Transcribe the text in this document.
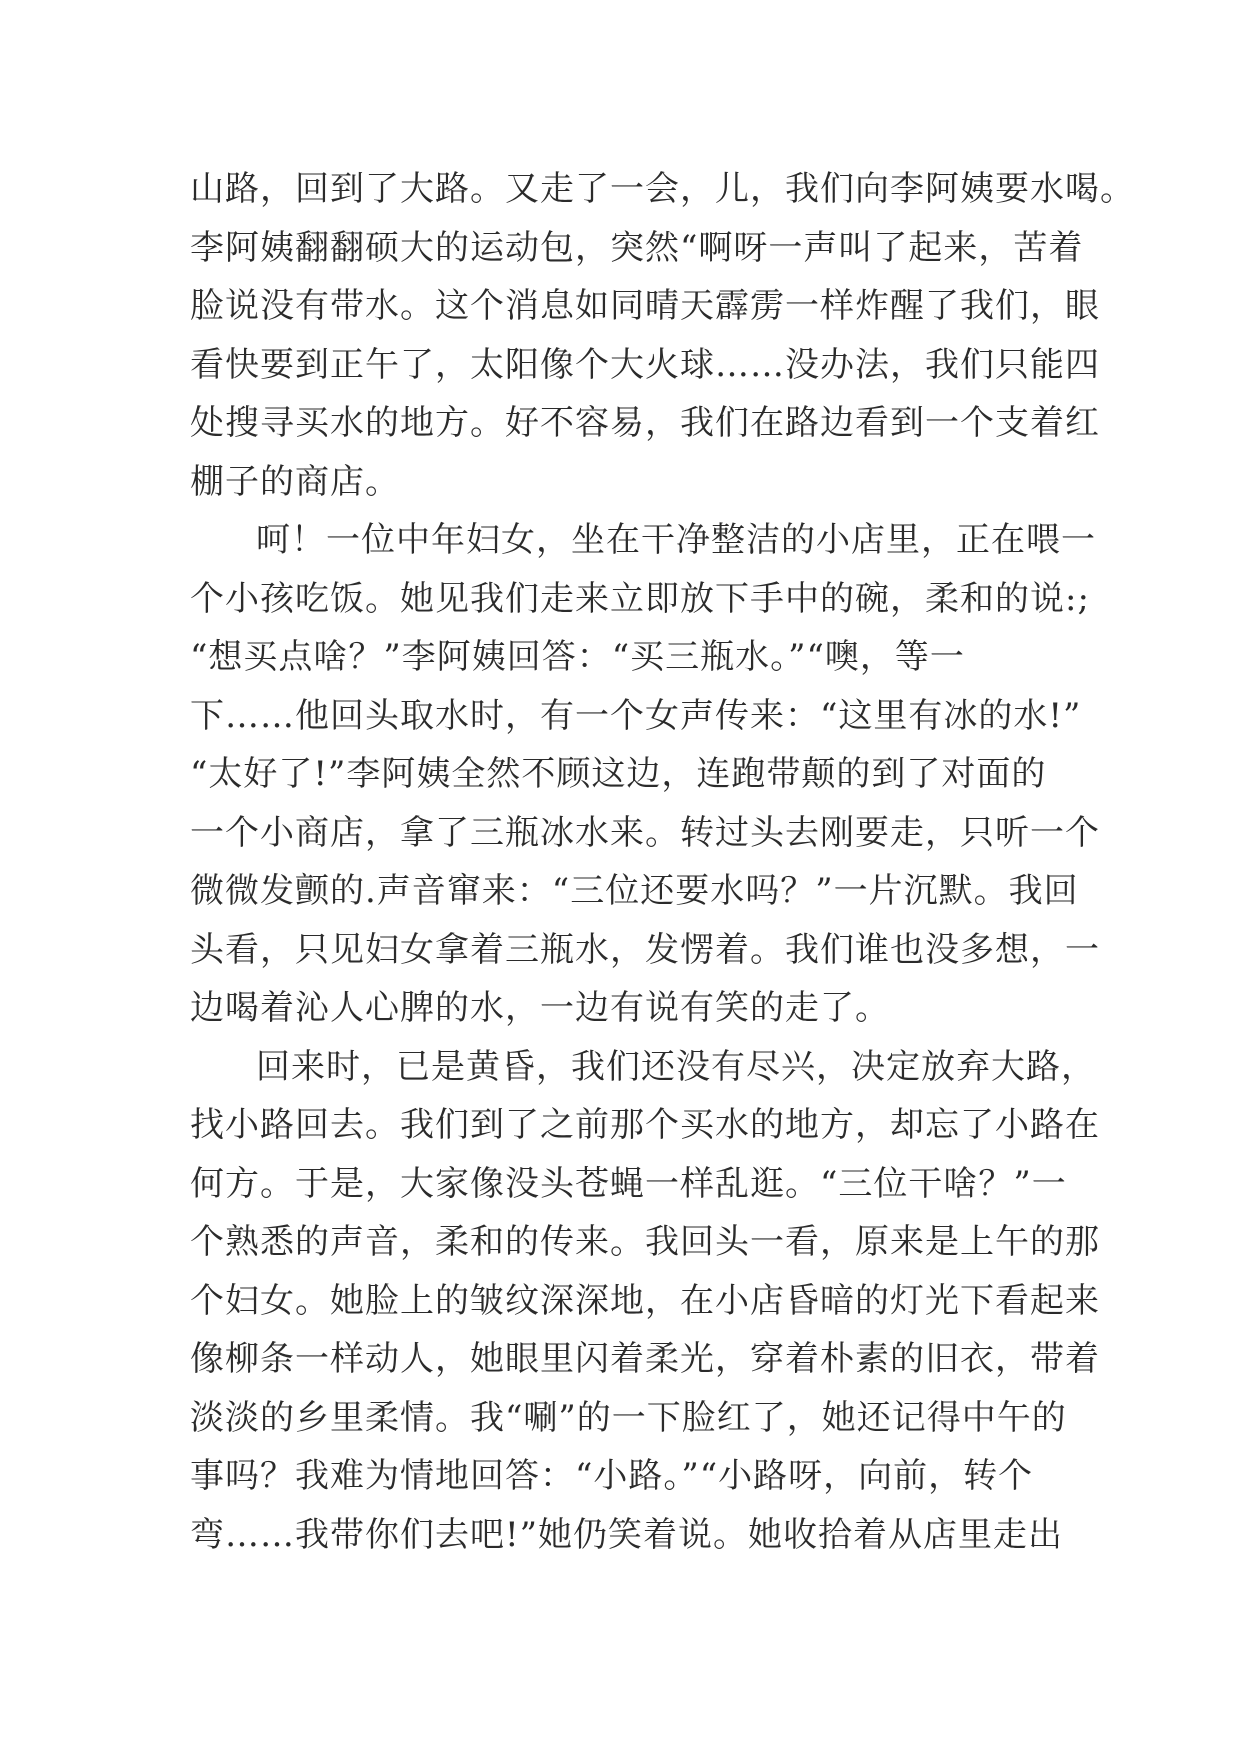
山路，回到了大路。又走了一会，儿，我们向李阿姨要水喝。
李阿姨翻翻硕大的运动包，突然“啊呀一声叫了起来，苦着
脸说没有带水。这个消息如同晴天霹雳一样炸醒了我们，眼
看快要到正午了，太阳像个大火球……没办法，我们只能四
处搜寻买水的地方。好不容易，我们在路边看到一个支着红
棚子的商店。
呵！一位中年妇女，坐在干净整洁的小店里，正在喂一
个小孩吃饭。她见我们走来立即放下手中的碗，柔和的说:;
“想买点啥？”李阿姨回答：“买三瓶水。”“噢，等一
下……他回头取水时，有一个女声传来：“这里有冰的水!”
“太好了!”李阿姨全然不顾这边，连跑带颠的到了对面的
一个小商店，拿了三瓶冰水来。转过头去刚要走，只听一个
微微发颤的.声音窜来：“三位还要水吗？”一片沉默。我回
头看，只见妇女拿着三瓶水，发愣着。我们谁也没多想，一
边喝着沁人心脾的水，一边有说有笑的走了。
回来时，已是黄昏，我们还没有尽兴，决定放弃大路，
找小路回去。我们到了之前那个买水的地方，却忘了小路在
何方。于是，大家像没头苍蝇一样乱逛。“三位干啥？”一
个熟悉的声音，柔和的传来。我回头一看，原来是上午的那
个妇女。她脸上的皱纹深深地，在小店昏暗的灯光下看起来
像柳条一样动人，她眼里闪着柔光，穿着朴素的旧衣，带着
淡淡的乡里柔情。我“唰”的一下脸红了，她还记得中午的
事吗？我难为情地回答：“小路。”“小路呀，向前，转个
弯……我带你们去吧!”她仍笑着说。她收拾着从店里走出
